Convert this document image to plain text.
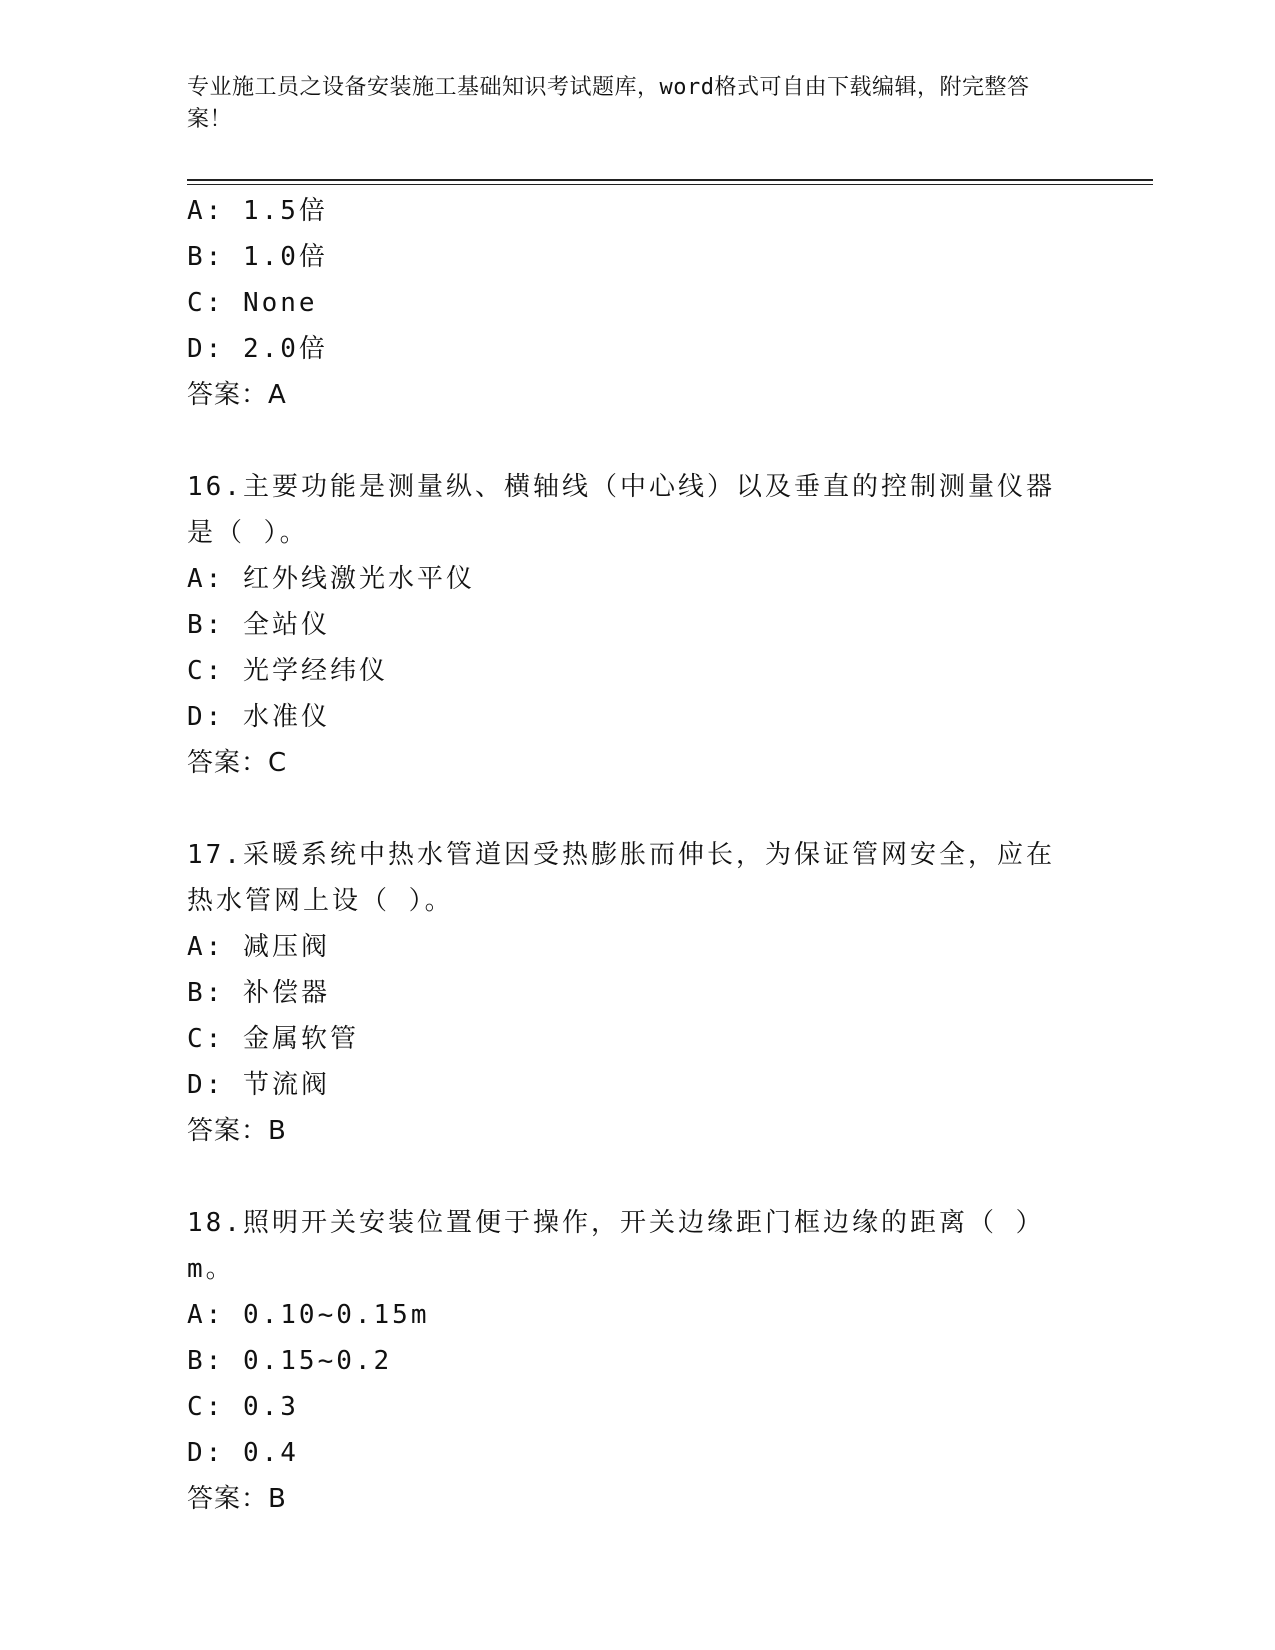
专业施工员之设备安装施工基础知识考试题库，word格式可自由下载编辑，附完整答案！
A: 1.5倍
B: 1.0倍
C: None
D: 2.0倍
答案：A
16.主要功能是测量纵、横轴线（中心线）以及垂直的控制测量仪器是（ ）。
A: 红外线激光水平仪
B: 全站仪
C: 光学经纬仪
D: 水准仪
答案：C
17.采暖系统中热水管道因受热膨胀而伸长，为保证管网安全，应在热水管网上设（ ）。
A: 减压阀
B: 补偿器
C: 金属软管
D: 节流阀
答案：B
18.照明开关安装位置便于操作，开关边缘距门框边缘的距离（ ）m。
A: 0.10~0.15m
B: 0.15~0.2
C: 0.3
D: 0.4
答案：B
